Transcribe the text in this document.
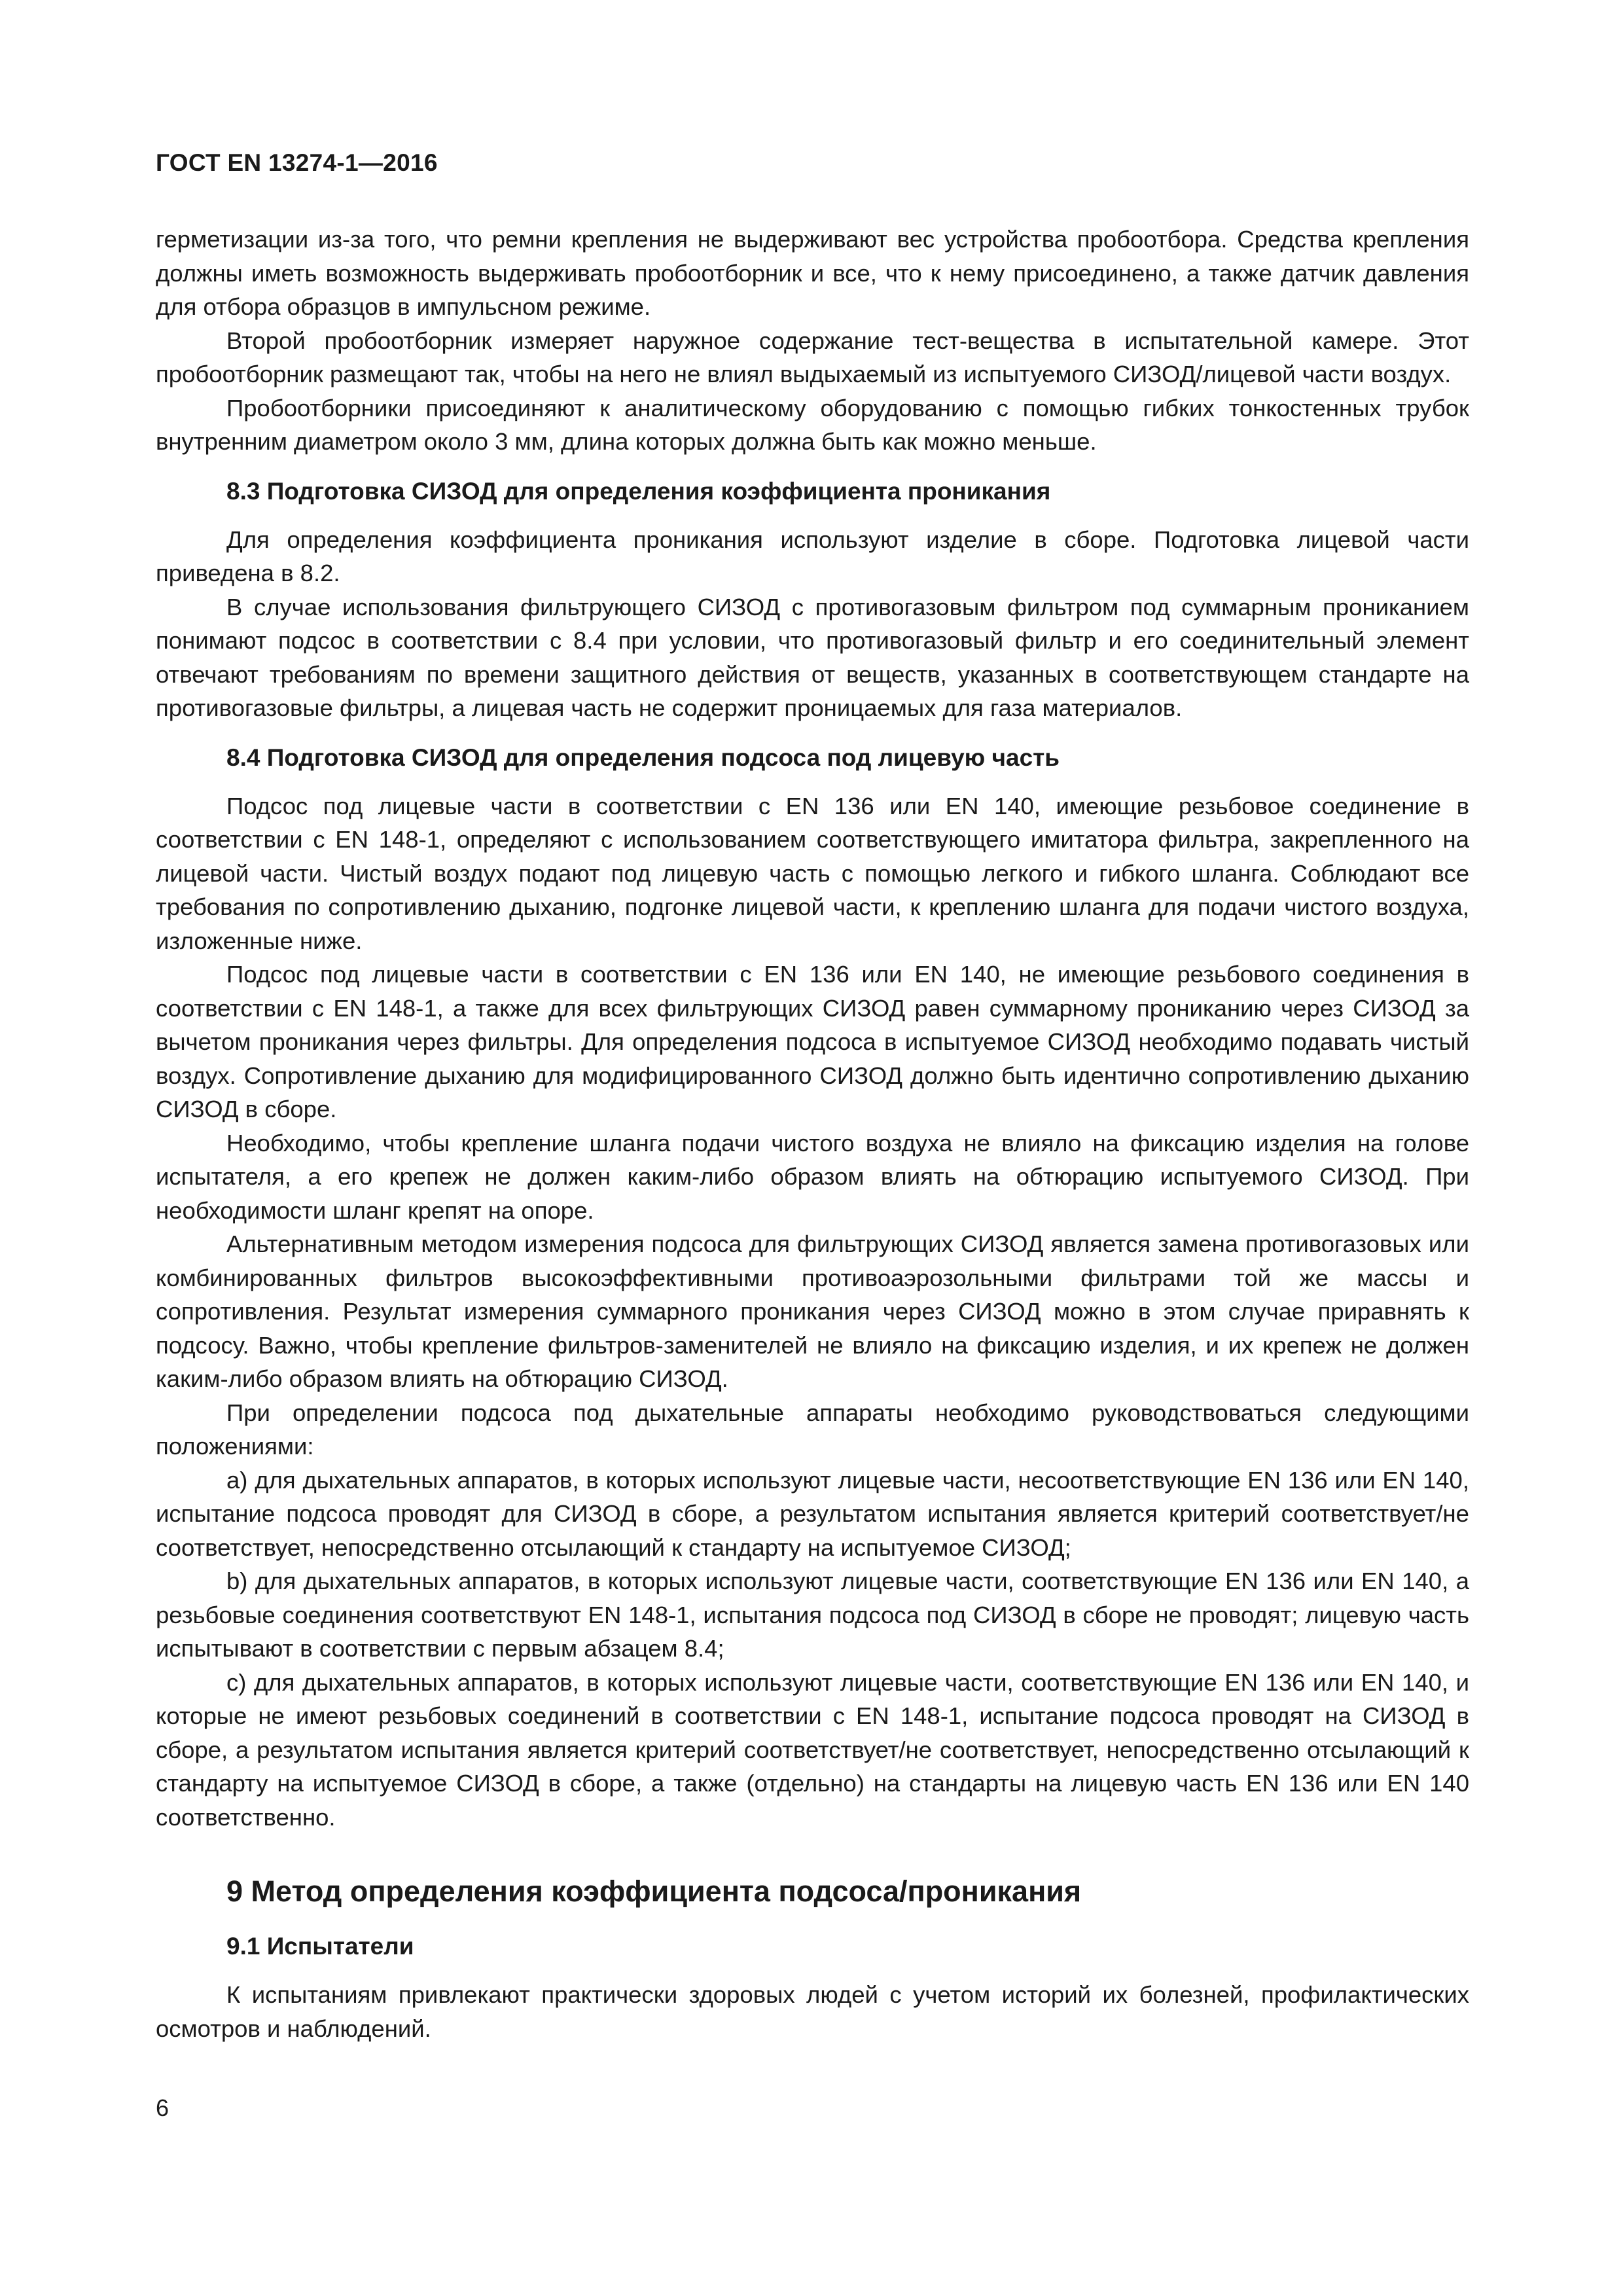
ГОСТ EN 13274-1—2016

герметизации из-за того, что ремни крепления не выдерживают вес устройства пробоотбора. Средства крепления должны иметь возможность выдерживать пробоотборник и все, что к нему присоединено, а также датчик давления для отбора образцов в импульсном режиме.

Второй пробоотборник измеряет наружное содержание тест-вещества в испытательной камере. Этот пробоотборник размещают так, чтобы на него не влиял выдыхаемый из испытуемого СИЗОД/лицевой части воздух.

Пробоотборники присоединяют к аналитическому оборудованию с помощью гибких тонкостенных трубок внутренним диаметром около 3 мм, длина которых должна быть как можно меньше.

8.3 Подготовка СИЗОД для определения коэффициента проникания

Для определения коэффициента проникания используют изделие в сборе. Подготовка лицевой части приведена в 8.2.

В случае использования фильтрующего СИЗОД с противогазовым фильтром под суммарным прониканием понимают подсос в соответствии с 8.4 при условии, что противогазовый фильтр и его соединительный элемент отвечают требованиям по времени защитного действия от веществ, указанных в соответствующем стандарте на противогазовые фильтры, а лицевая часть не содержит проницаемых для газа материалов.

8.4 Подготовка СИЗОД для определения подсоса под лицевую часть

Подсос под лицевые части в соответствии с EN 136 или EN 140, имеющие резьбовое соединение в соответствии с EN 148-1, определяют с использованием соответствующего имитатора фильтра, закрепленного на лицевой части. Чистый воздух подают под лицевую часть с помощью легкого и гибкого шланга. Соблюдают все требования по сопротивлению дыханию, подгонке лицевой части, к креплению шланга для подачи чистого воздуха, изложенные ниже.

Подсос под лицевые части в соответствии с EN 136 или EN 140, не имеющие резьбового соединения в соответствии с EN 148-1, а также для всех фильтрующих СИЗОД равен суммарному прониканию через СИЗОД за вычетом проникания через фильтры. Для определения подсоса в испытуемое СИЗОД необходимо подавать чистый воздух. Сопротивление дыханию для модифицированного СИЗОД должно быть идентично сопротивлению дыханию СИЗОД в сборе.

Необходимо, чтобы крепление шланга подачи чистого воздуха не влияло на фиксацию изделия на голове испытателя, а его крепеж не должен каким-либо образом влиять на обтюрацию испытуемого СИЗОД. При необходимости шланг крепят на опоре.

Альтернативным методом измерения подсоса для фильтрующих СИЗОД является замена противогазовых или комбинированных фильтров высокоэффективными противоаэрозольными фильтрами той же массы и сопротивления. Результат измерения суммарного проникания через СИЗОД можно в этом случае приравнять к подсосу. Важно, чтобы крепление фильтров-заменителей не влияло на фиксацию изделия, и их крепеж не должен каким-либо образом влиять на обтюрацию СИЗОД.

При определении подсоса под дыхательные аппараты необходимо руководствоваться следующими положениями:

а) для дыхательных аппаратов, в которых используют лицевые части, несоответствующие EN 136 или EN 140, испытание подсоса проводят для СИЗОД в сборе, а результатом испытания является критерий соответствует/не соответствует, непосредственно отсылающий к стандарту на испытуемое СИЗОД;

b) для дыхательных аппаратов, в которых используют лицевые части, соответствующие EN 136 или EN 140, а резьбовые соединения соответствуют EN 148-1, испытания подсоса под СИЗОД в сборе не проводят; лицевую часть испытывают в соответствии с первым абзацем 8.4;

с) для дыхательных аппаратов, в которых используют лицевые части, соответствующие EN 136 или EN 140, и которые не имеют резьбовых соединений в соответствии с EN 148-1, испытание подсоса проводят на СИЗОД в сборе, а результатом испытания является критерий соответствует/не соответствует, непосредственно отсылающий к стандарту на испытуемое СИЗОД в сборе, а также (отдельно) на стандарты на лицевую часть EN 136 или EN 140 соответственно.

9 Метод определения коэффициента подсоса/проникания
9.1 Испытатели

К испытаниям привлекают практически здоровых людей с учетом историй их болезней, профилактических осмотров и наблюдений.

6
